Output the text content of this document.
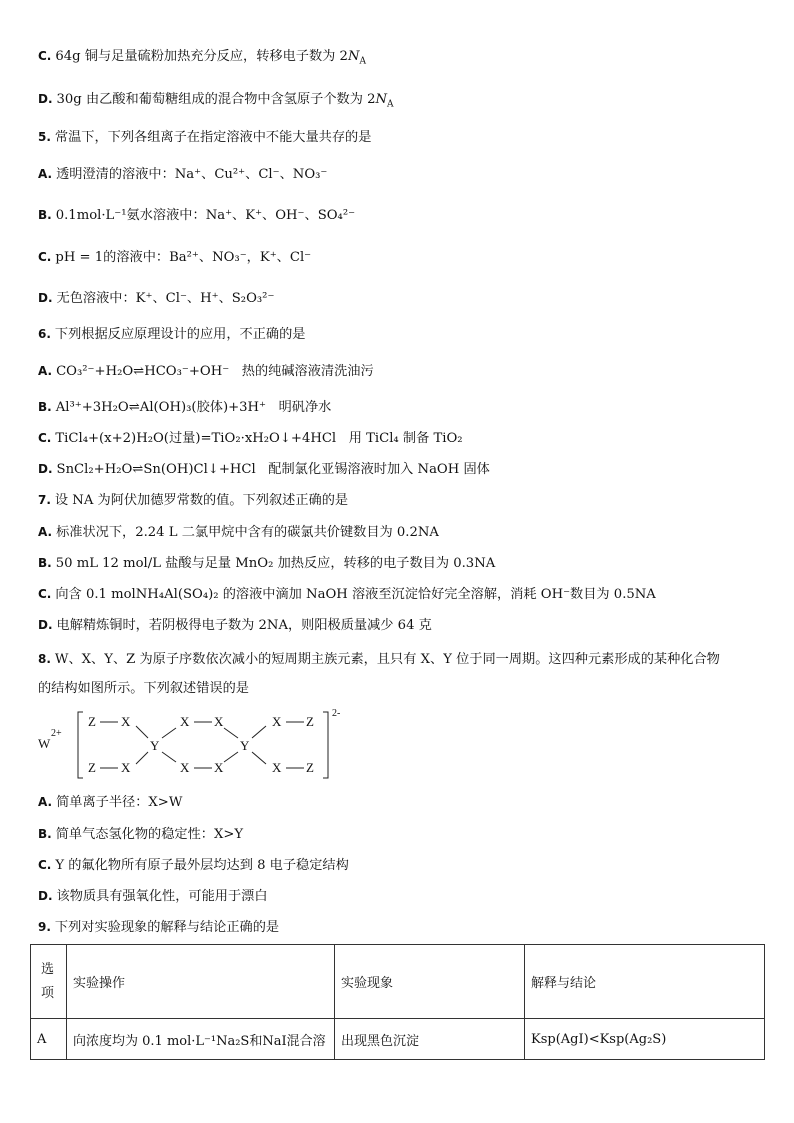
C. 64g 铜与足量硫粉加热充分反应，转移电子数为 $2N_A$
D. 30g 由乙酸和葡萄糖组成的混合物中含氢原子个数为 $2N_A$
5. 常温下，下列各组离子在指定溶液中不能大量共存的是
A. 透明澄清的溶液中：Na⁺、Cu²⁺、Cl⁻、NO₃⁻
B. 0.1mol·L⁻¹氨水溶液中：Na⁺、K⁺、OH⁻、SO₄²⁻
C. pH = 1的溶液中：Ba²⁺、NO₃⁻，K⁺、Cl⁻
D. 无色溶液中：K⁺、Cl⁻、H⁺、S₂O₃²⁻
6. 下列根据反应原理设计的应用，不正确的是
A. CO₃²⁻+H₂O⇌HCO₃⁻+OH⁻ 热的纯碱溶液清洗油污
B. Al³⁺+3H₂O⇌Al(OH)₃(胶体)+3H⁺ 明矾净水
C. TiCl₄+(x+2)H₂O(过量)=TiO₂·xH₂O↓+4HCl 用 TiCl₄ 制备 TiO₂
D. SnCl₂+H₂O⇌Sn(OH)Cl↓+HCl 配制氯化亚锡溶液时加入 NaOH 固体
7. 设 NA 为阿伏加德罗常数的值。下列叙述正确的是
A. 标准状况下，2.24 L 二氯甲烷中含有的碳氯共价键数目为 0.2NA
B. 50 mL 12 mol/L 盐酸与足量 MnO₂ 加热反应，转移的电子数目为 0.3NA
C. 向含 0.1 molNH₄Al(SO₄)₂ 的溶液中滴加 NaOH 溶液至沉淀恰好完全溶解，消耗 OH⁻数目为 0.5NA
D. 电解精炼铜时，若阴极得电子数为 2NA，则阳极质量减少 64 克
8. W、X、Y、Z 为原子序数依次减小的短周期主族元素，且只有 X、Y 位于同一周期。这四种元素形成的某种化合物
的结构如图所示。下列叙述错误的是
W
2+
Z
Z
X
X
Y
X
X
X
X
Y
X
X
Z
Z
2-
A. 简单离子半径：X>W
B. 简单气态氢化物的稳定性：X>Y
C. Y 的氟化物所有原子最外层均达到 8 电子稳定结构
D. 该物质具有强氧化性，可能用于漂白
9. 下列对实验现象的解释与结论正确的是
选项	实验操作	实验现象	解释与结论
A	向浓度均为 0.1 mol·L⁻¹Na₂S和NaI混合溶	出现黑色沉淀	Ksp(AgI)<Ksp(Ag₂S)
